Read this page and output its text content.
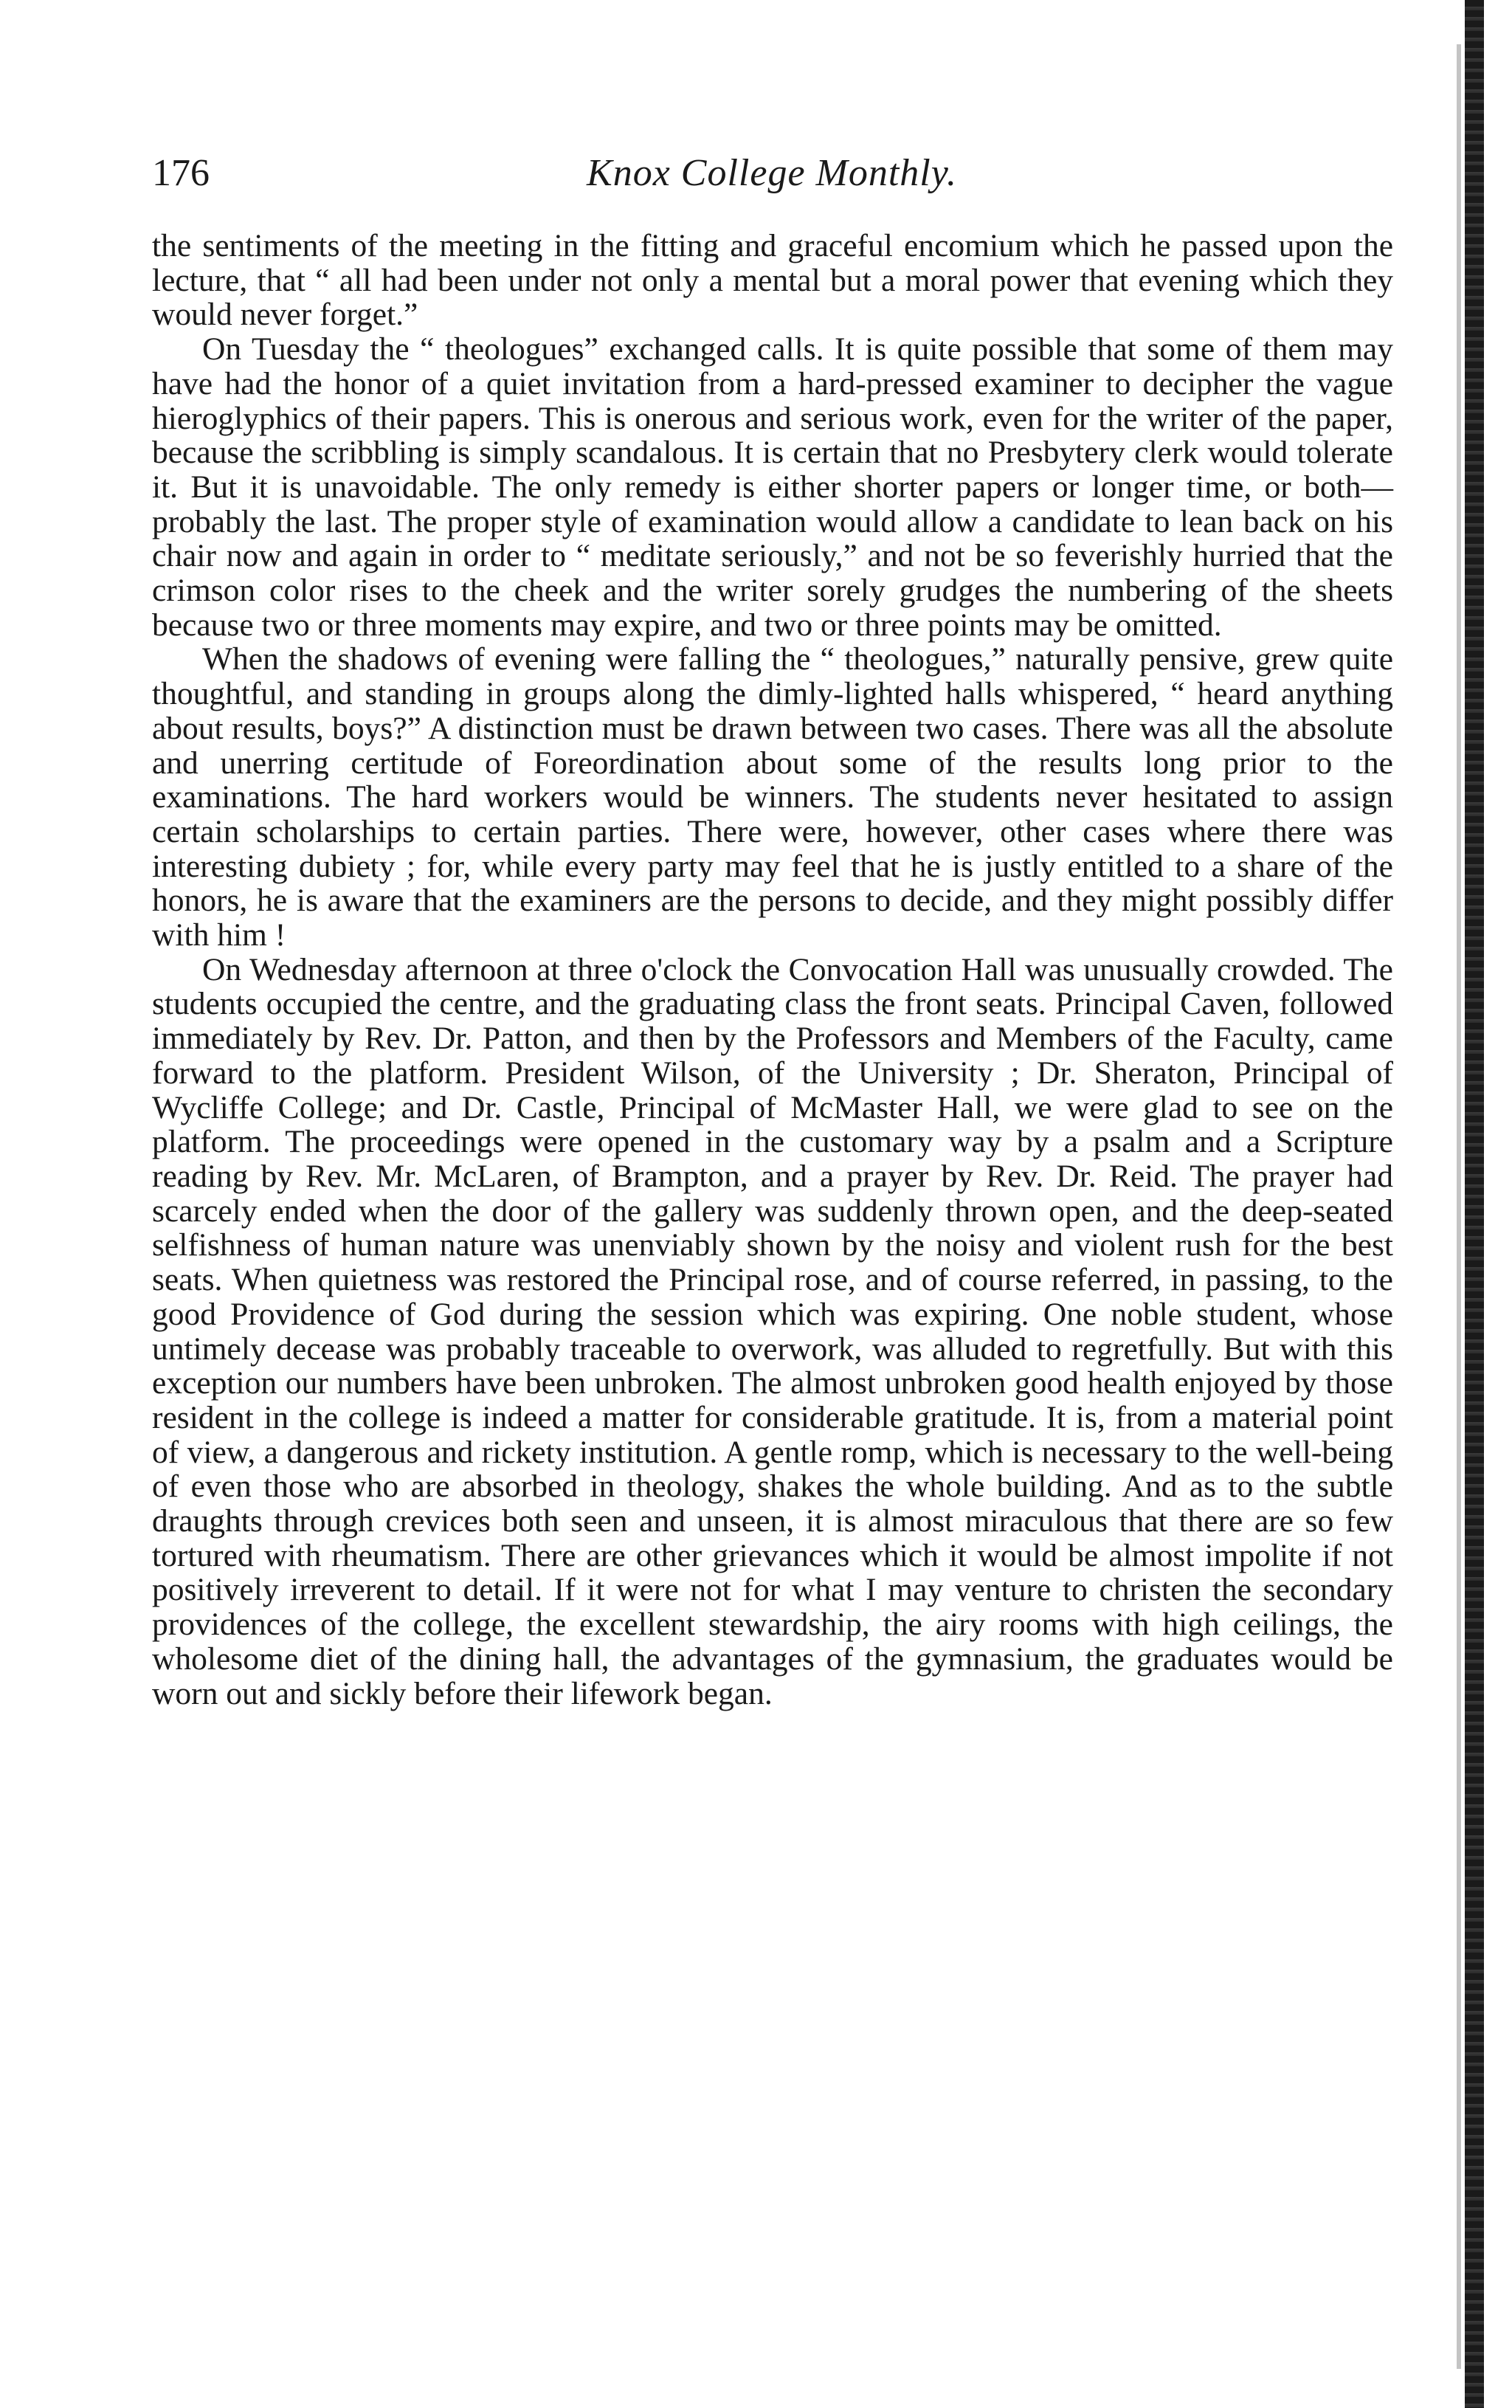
176	Knox College Monthly.

the sentiments of the meeting in the fitting and graceful encomium which he passed upon the lecture, that “ all had been under not only a mental but a moral power that evening which they would never forget.”

On Tuesday the “ theologues” exchanged calls. It is quite possible that some of them may have had the honor of a quiet invitation from a hard-pressed examiner to decipher the vague hieroglyphics of their papers. This is onerous and serious work, even for the writer of the paper, because the scribbling is simply scandalous. It is certain that no Presbytery clerk would tolerate it. But it is unavoidable. The only remedy is either shorter papers or longer time, or both—probably the last. The proper style of examination would allow a candidate to lean back on his chair now and again in order to “ meditate seriously,” and not be so feverishly hurried that the crimson color rises to the cheek and the writer sorely grudges the numbering of the sheets because two or three moments may expire, and two or three points may be omitted.

When the shadows of evening were falling the “ theologues,” naturally pensive, grew quite thoughtful, and standing in groups along the dimly-lighted halls whispered, “ heard anything about results, boys?” A distinction must be drawn between two cases. There was all the absolute and unerring certitude of Foreordination about some of the results long prior to the examinations. The hard workers would be winners. The students never hesitated to assign certain scholarships to certain parties. There were, however, other cases where there was interesting dubiety ; for, while every party may feel that he is justly entitled to a share of the honors, he is aware that the examiners are the persons to decide, and they might possibly differ with him !

On Wednesday afternoon at three o'clock the Convocation Hall was unusually crowded. The students occupied the centre, and the graduating class the front seats. Principal Caven, followed immediately by Rev. Dr. Patton, and then by the Professors and Members of the Faculty, came forward to the platform. President Wilson, of the University ; Dr. Sheraton, Principal of Wycliffe College; and Dr. Castle, Principal of McMaster Hall, we were glad to see on the platform. The proceedings were opened in the customary way by a psalm and a Scripture reading by Rev. Mr. McLaren, of Brampton, and a prayer by Rev. Dr. Reid. The prayer had scarcely ended when the door of the gallery was suddenly thrown open, and the deep-seated selfishness of human nature was unenviably shown by the noisy and violent rush for the best seats. When quietness was restored the Principal rose, and of course referred, in passing, to the good Providence of God during the session which was expiring. One noble student, whose untimely decease was probably traceable to overwork, was alluded to regretfully. But with this exception our numbers have been unbroken. The almost unbroken good health enjoyed by those resident in the college is indeed a matter for considerable gratitude. It is, from a material point of view, a dangerous and rickety institution. A gentle romp, which is necessary to the well-being of even those who are absorbed in theology, shakes the whole building. And as to the subtle draughts through crevices both seen and unseen, it is almost miraculous that there are so few tortured with rheumatism. There are other grievances which it would be almost impolite if not positively irreverent to detail. If it were not for what I may venture to christen the secondary providences of the college, the excellent stewardship, the airy rooms with high ceilings, the wholesome diet of the dining hall, the advantages of the gymnasium, the graduates would be worn out and sickly before their lifework began.
